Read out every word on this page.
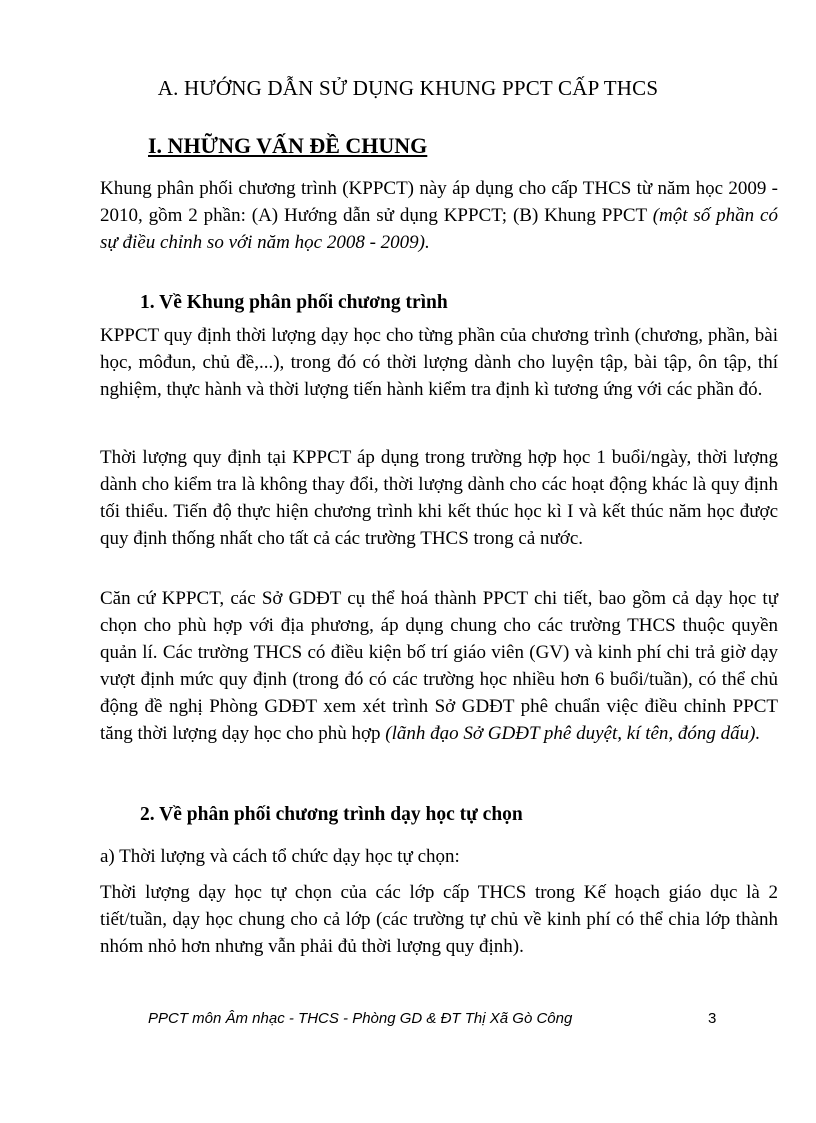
A. HƯỚNG DẪN SỬ DỤNG KHUNG PPCT CẤP THCS
I. NHỮNG VẤN ĐỀ CHUNG

Khung phân phối chương trình (KPPCT) này áp dụng cho cấp THCS từ năm học 2009 - 2010, gồm 2 phần: (A) Hướng dẫn sử dụng KPPCT; (B) Khung PPCT (một số phần có sự điều chỉnh so với năm học 2008 - 2009).

1. Về Khung phân phối chương trình

KPPCT quy định thời lượng dạy học cho từng phần của chương trình (chương, phần, bài học, môđun, chủ đề,...), trong đó có thời lượng dành cho luyện tập, bài tập, ôn tập, thí nghiệm, thực hành và thời lượng tiến hành kiểm tra định kì tương ứng với các phần đó.

Thời lượng quy định tại KPPCT áp dụng trong trường hợp học 1 buổi/ngày, thời lượng dành cho kiểm tra là không thay đổi, thời lượng dành cho các hoạt động khác là quy định tối thiểu. Tiến độ thực hiện chương trình khi kết thúc học kì I và kết thúc năm học được quy định thống nhất cho tất cả các trường THCS trong cả nước.

Căn cứ KPPCT, các Sở GDĐT cụ thể hoá thành PPCT chi tiết, bao gồm cả dạy học tự chọn cho phù hợp với địa phương, áp dụng chung cho các trường THCS thuộc quyền quản lí. Các trường THCS có điều kiện bố trí giáo viên (GV) và kinh phí chi trả giờ dạy vượt định mức quy định (trong đó có các trường học nhiều hơn 6 buổi/tuần), có thể chủ động đề nghị Phòng GDĐT xem xét trình Sở GDĐT phê chuẩn việc điều chỉnh PPCT tăng thời lượng dạy học cho phù hợp (lãnh đạo Sở GDĐT phê duyệt, kí tên, đóng dấu).

2. Về phân phối chương trình dạy học tự chọn

a) Thời lượng và cách tổ chức dạy học tự chọn:

Thời lượng dạy học tự chọn của các lớp cấp THCS trong Kế hoạch giáo dục là 2 tiết/tuần, dạy học chung cho cả lớp (các trường tự chủ về kinh phí có thể chia lớp thành nhóm nhỏ hơn nhưng vẫn phải đủ thời lượng quy định).

PPCT môn Âm nhạc - THCS - Phòng GD & ĐT Thị Xã Gò Công	3
